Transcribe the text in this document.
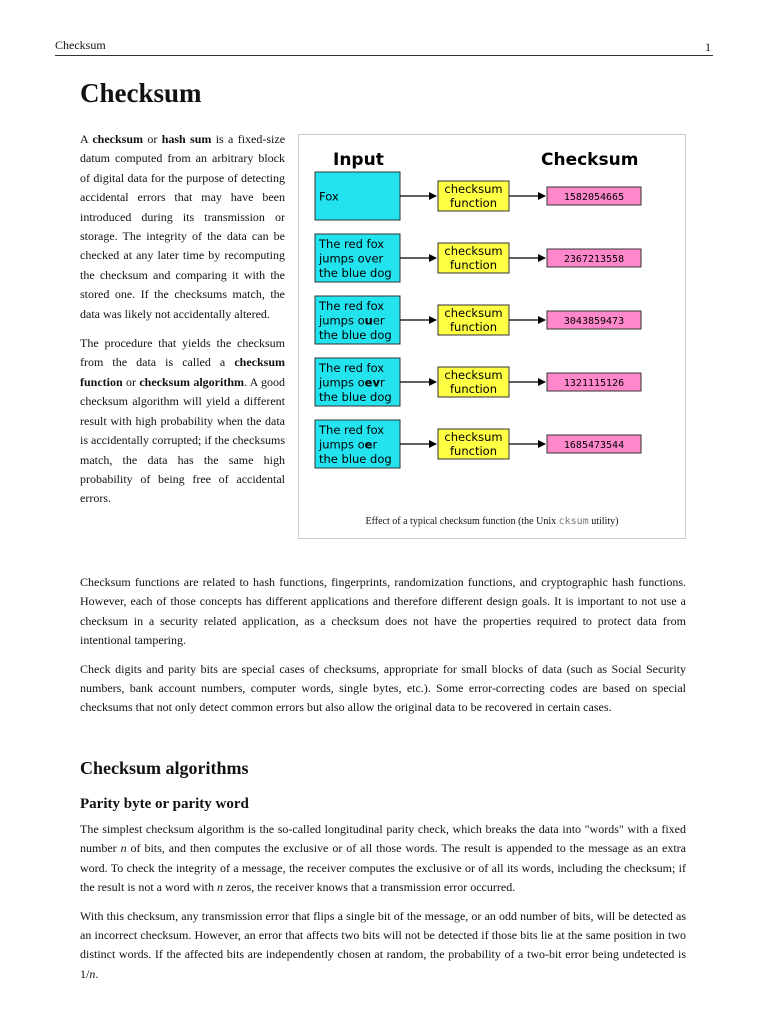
Checksum	1
Checksum

A checksum or hash sum is a fixed-size datum computed from an arbitrary block of digital data for the purpose of detecting accidental errors that may have been introduced during its transmission or storage. The integrity of the data can be checked at any later time by recomputing the checksum and comparing it with the stored one. If the checksums match, the data was likely not accidentally altered.

The procedure that yields the checksum from the data is called a checksum function or checksum algorithm. A good checksum algorithm will yield a different result with high probability when the data is accidentally corrupted; if the checksums match, the data has the same high probability of being free of accidental errors.

Input	Checksum
Fox
checksum
function	1582054665
The red fox
jumps over
the blue dog
checksum
function	2367213558
The red fox
jumps ouer
the blue dog
checksum
function	3043859473
The red fox
jumps oevr
the blue dog
checksum
function	1321115126
The red fox
jumps oer
the blue dog
checksum
function	1685473544
Effect of a typical checksum function (the Unix cksum utility)

Checksum functions are related to hash functions, fingerprints, randomization functions, and cryptographic hash functions. However, each of those concepts has different applications and therefore different design goals. It is important to not use a checksum in a security related application, as a checksum does not have the properties required to protect data from intentional tampering.

Check digits and parity bits are special cases of checksums, appropriate for small blocks of data (such as Social Security numbers, bank account numbers, computer words, single bytes, etc.). Some error-correcting codes are based on special checksums that not only detect common errors but also allow the original data to be recovered in certain cases.

Checksum algorithms
Parity byte or parity word

The simplest checksum algorithm is the so-called longitudinal parity check, which breaks the data into "words" with a fixed number n of bits, and then computes the exclusive or of all those words. The result is appended to the message as an extra word. To check the integrity of a message, the receiver computes the exclusive or of all its words, including the checksum; if the result is not a word with n zeros, the receiver knows that a transmission error occurred.

With this checksum, any transmission error that flips a single bit of the message, or an odd number of bits, will be detected as an incorrect checksum. However, an error that affects two bits will not be detected if those bits lie at the same position in two distinct words. If the affected bits are independently chosen at random, the probability of a two-bit error being undetected is 1/n.
